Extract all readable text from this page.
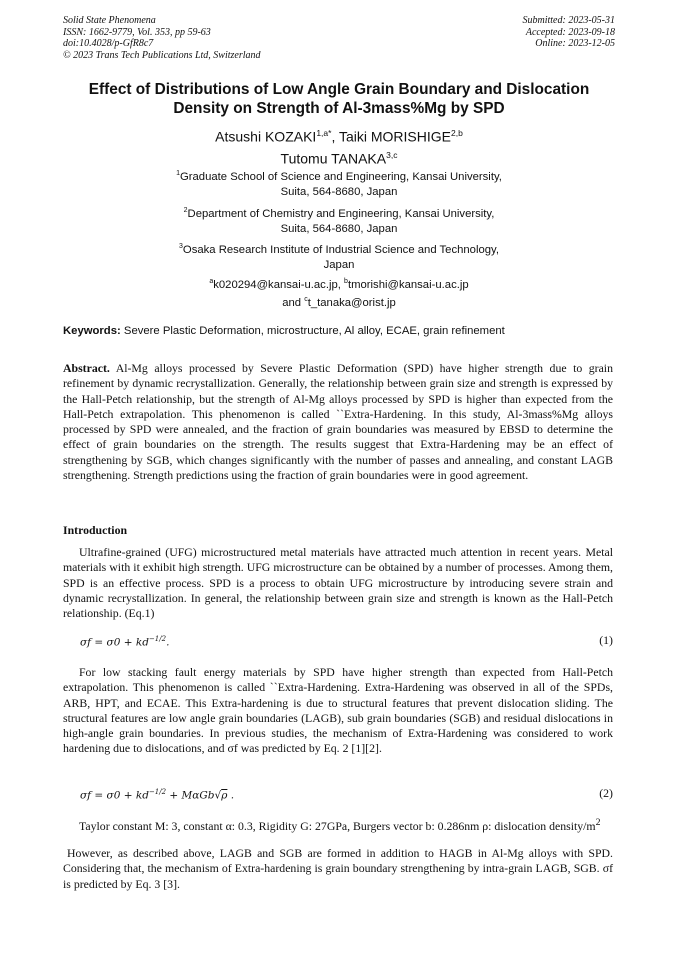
Solid State Phenomena
ISSN: 1662-9779, Vol. 353, pp 59-63
doi:10.4028/p-GfR8c7
© 2023 Trans Tech Publications Ltd, Switzerland
Submitted: 2023-05-31
Accepted: 2023-09-18
Online: 2023-12-05
Effect of Distributions of Low Angle Grain Boundary and Dislocation
Density on Strength of Al-3mass%Mg by SPD
Atsushi $KOZAKI^{1,a*}$, Taiki MORISHIGE$^{2,b}$
Tutomu TANAKA$^{3,c}$
$^1$Graduate School of Science and Engineering, Kansai University,
Suita, 564-8680, Japan
$^2$Department of Chemistry and Engineering, Kansai University,
Suita, 564-8680, Japan
$^3$Osaka Research Institute of Industrial Science and Technology,
Japan
$^a$k020294@kansai-u.ac.jp, $^b$tmorishi@kansai-u.ac.jp
and $^c$t_tanaka@orist.jp
Keywords: Severe Plastic Deformation, microstructure, Al alloy, ECAE, grain refinement
Abstract. Al-Mg alloys processed by Severe Plastic Deformation (SPD) have higher strength due to grain refinement by dynamic recrystallization. Generally, the relationship between grain size and strength is expressed by the Hall-Petch relationship, but the strength of Al-Mg alloys processed by SPD is higher than expected from the Hall-Petch extrapolation. This phenomenon is called ``Extra-Hardening. In this study, Al-3mass%Mg alloys processed by SPD were annealed, and the fraction of grain boundaries was measured by EBSD to determine the effect of grain boundaries on the strength. The results suggest that Extra-Hardening may be an effect of strengthening by SGB, which changes significantly with the number of passes and annealing, and constant LAGB strengthening. Strength predictions using the fraction of grain boundaries were in good agreement.
Introduction
Ultrafine-grained (UFG) microstructured metal materials have attracted much attention in recent years. Metal materials with it exhibit high strength. UFG microstructure can be obtained by a number of processes. Among them, SPD is an effective process. SPD is a process to obtain UFG microstructure by introducing severe strain and dynamic recrystallization. In general, the relationship between grain size and strength is known as the Hall-Petch relationship. (Eq.1)
$\sigma f = \sigma 0 + kd^{-1/2}$.	(1)
For low stacking fault energy materials by SPD have higher strength than expected from Hall-Petch extrapolation. This phenomenon is called ``Extra-Hardening. Extra-Hardening was observed in all of the SPDs, ARB, HPT, and ECAE. This Extra-hardening is due to structural features that prevent dislocation sliding. The structural features are low angle grain boundaries (LAGB), sub grain boundaries (SGB) and residual dislocations in high-angle grain boundaries. In previous studies, the mechanism of Extra-Hardening was considered to work hardening due to dislocations, and σf was predicted by Eq. 2 [1][2].
$\sigma f = \sigma 0 + kd^{-1/2} + M\alpha Gb√\rho$ .	(2)
Taylor constant M: 3, constant α: 0.3, Rigidity G: 27GPa, Burgers vector b: 0.286nm ρ: dislocation density/$m^2$
However, as described above, LAGB and SGB are formed in addition to HAGB in Al-Mg alloys with SPD. Considering that, the mechanism of Extra-hardening is grain boundary strengthening by intra-grain LAGB, SGB. σf is predicted by Eq. 3 [3].
